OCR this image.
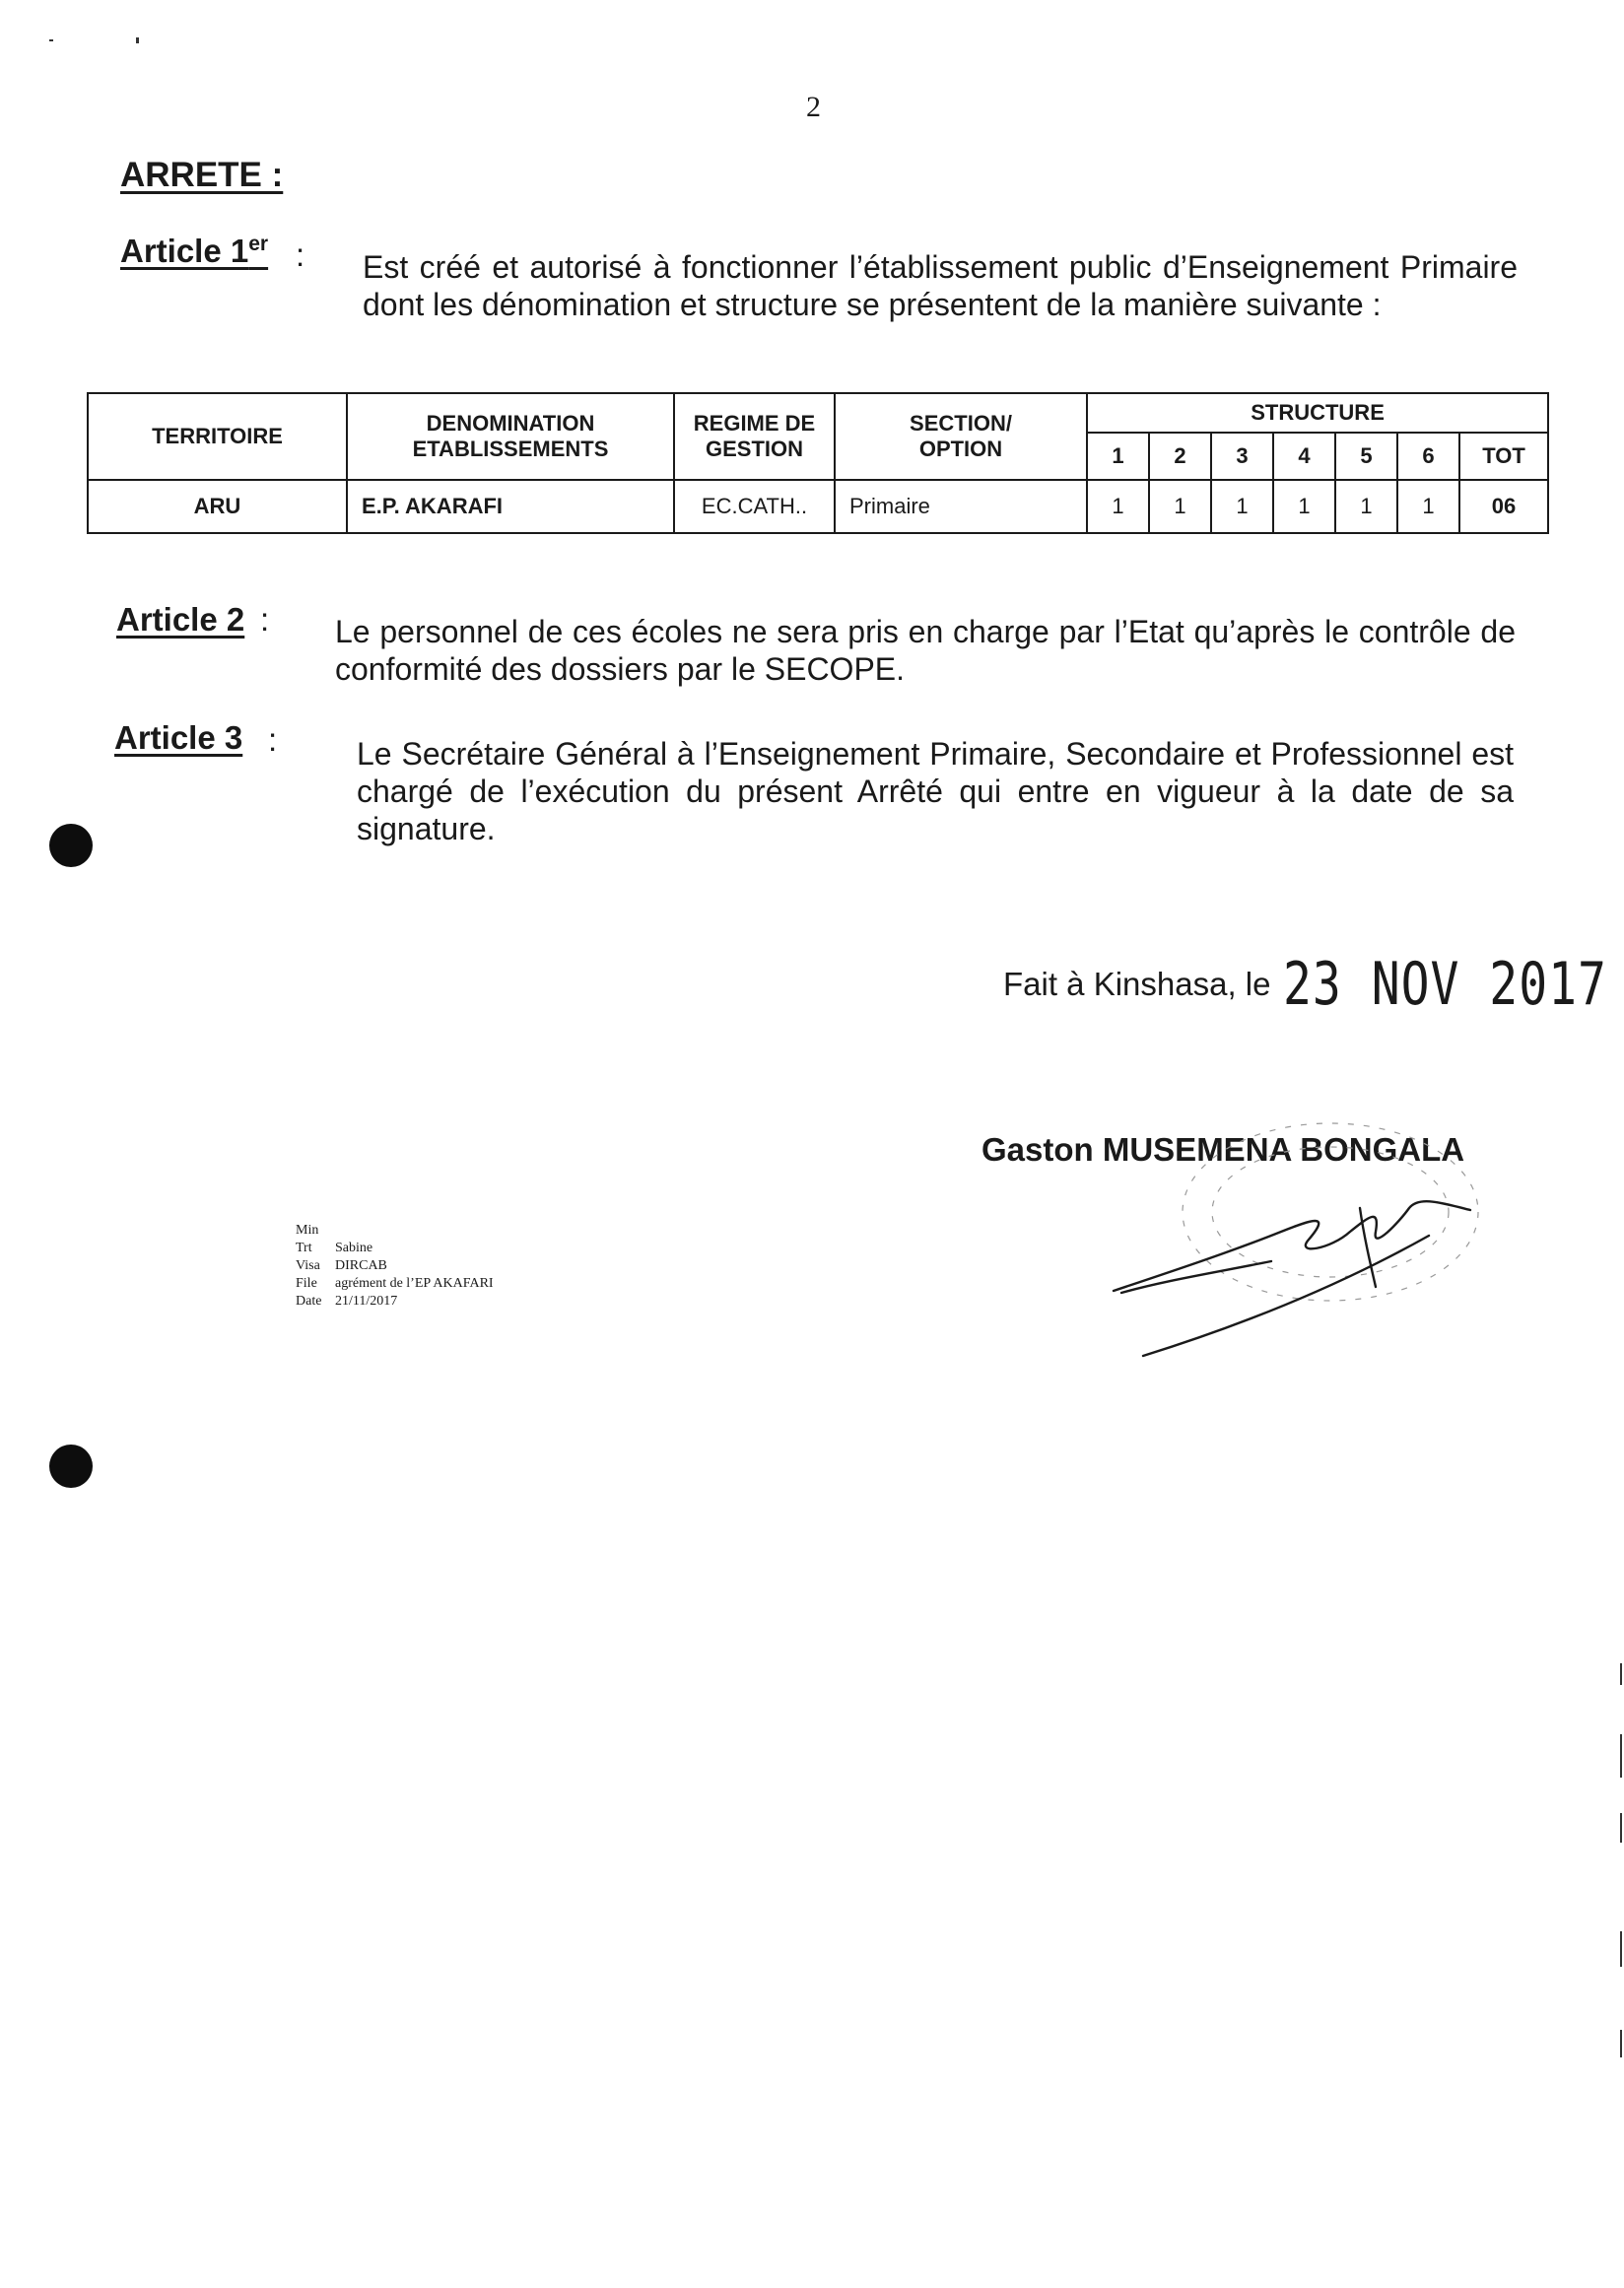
2
ARRETE :
Article 1er : Est créé et autorisé à fonctionner l’établissement public d’Enseignement Primaire dont les dénomination et structure se présentent de la manière suivante :
TERRITOIRE	DENOMINATION ETABLISSEMENTS	REGIME DE GESTION	SECTION/ OPTION	STRUCTURE						
				1	2	3	4	5	6	TOT
ARU	E.P. AKARAFI	EC.CATH..	Primaire	1	1	1	1	1	1	06
Article 2 : Le personnel de ces écoles ne sera pris en charge par l’Etat qu’après le contrôle de conformité des dossiers par le SECOPE.
Article 3 :	Le Secrétaire Général à l’Enseignement Primaire, Secondaire et Professionnel est chargé de l’exécution du présent Arrêté qui entre en vigueur à la date de sa signature.
Fait à Kinshasa, le 23 NOV 2017
Gaston MUSEMENA BONGALA
Min
Trt Sabine
Visa DIRCAB
File agrément de l’EP AKAFARI
Date 21/11/2017
